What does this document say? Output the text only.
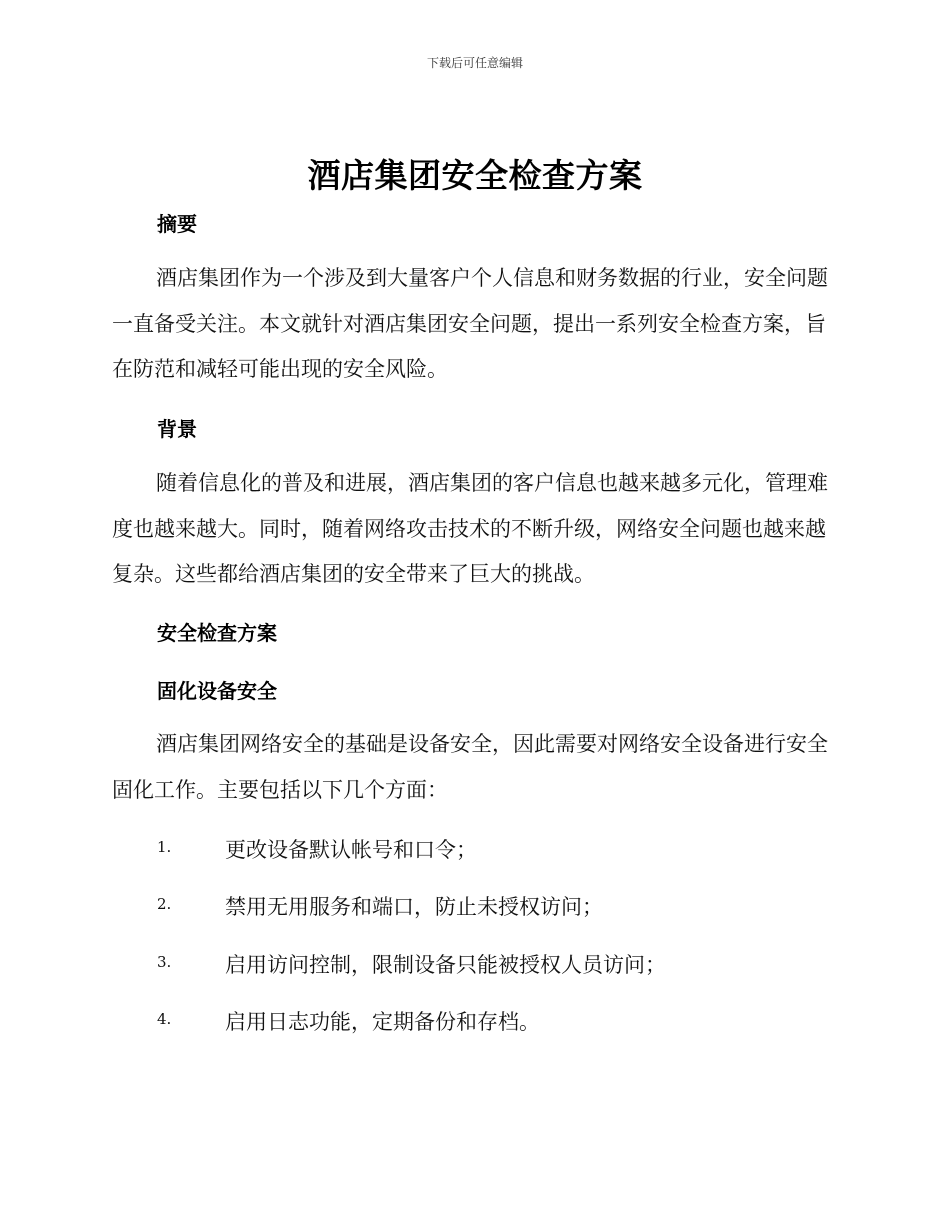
下载后可任意编辑
酒店集团安全检查方案
摘要

酒店集团作为一个涉及到大量客户个人信息和财务数据的行业，安全问题一直备受关注。本文就针对酒店集团安全问题，提出一系列安全检查方案，旨在防范和减轻可能出现的安全风险。

背景

随着信息化的普及和进展，酒店集团的客户信息也越来越多元化，管理难度也越来越大。同时，随着网络攻击技术的不断升级，网络安全问题也越来越复杂。这些都给酒店集团的安全带来了巨大的挑战。

安全检查方案
固化设备安全

酒店集团网络安全的基础是设备安全，因此需要对网络安全设备进行安全固化工作。主要包括以下几个方面：

1.	更改设备默认帐号和口令；
2.	禁用无用服务和端口，防止未授权访问；
3.	启用访问控制，限制设备只能被授权人员访问；
4.	启用日志功能，定期备份和存档。
